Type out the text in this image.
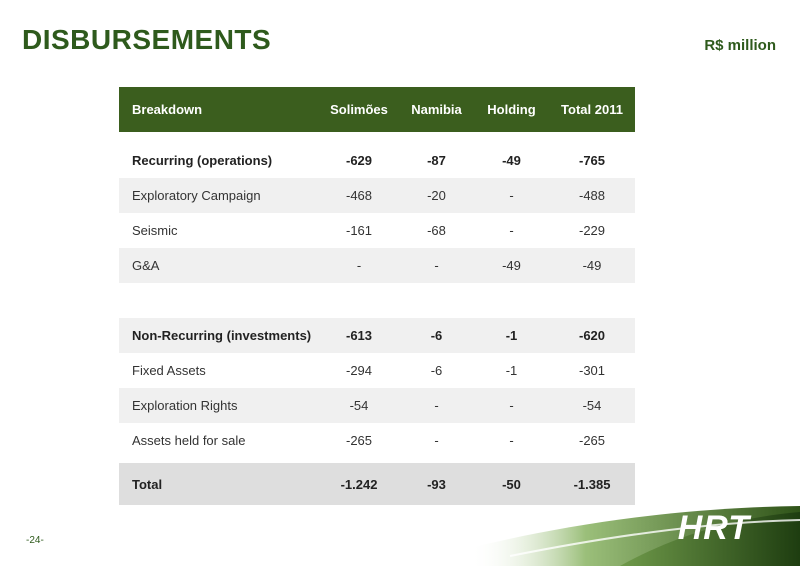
DISBURSEMENTS	R$ million
Breakdown	Solimões	Namibia	Holding	Total 2011

Recurring (operations)	-629	-87	-49	-765
Exploratory Campaign	-468	-20	-	-488
Seismic	-161	-68	-	-229
G&A	-	-	-49	-49

Non-Recurring (investments)	-613	-6	-1	-620
Fixed Assets	-294	-6	-1	-301
Exploration Rights	-54	-	-	-54
Assets held for sale	-265	-	-	-265

Total	-1.242	-93	-50	-1.385
-24-	HRT
